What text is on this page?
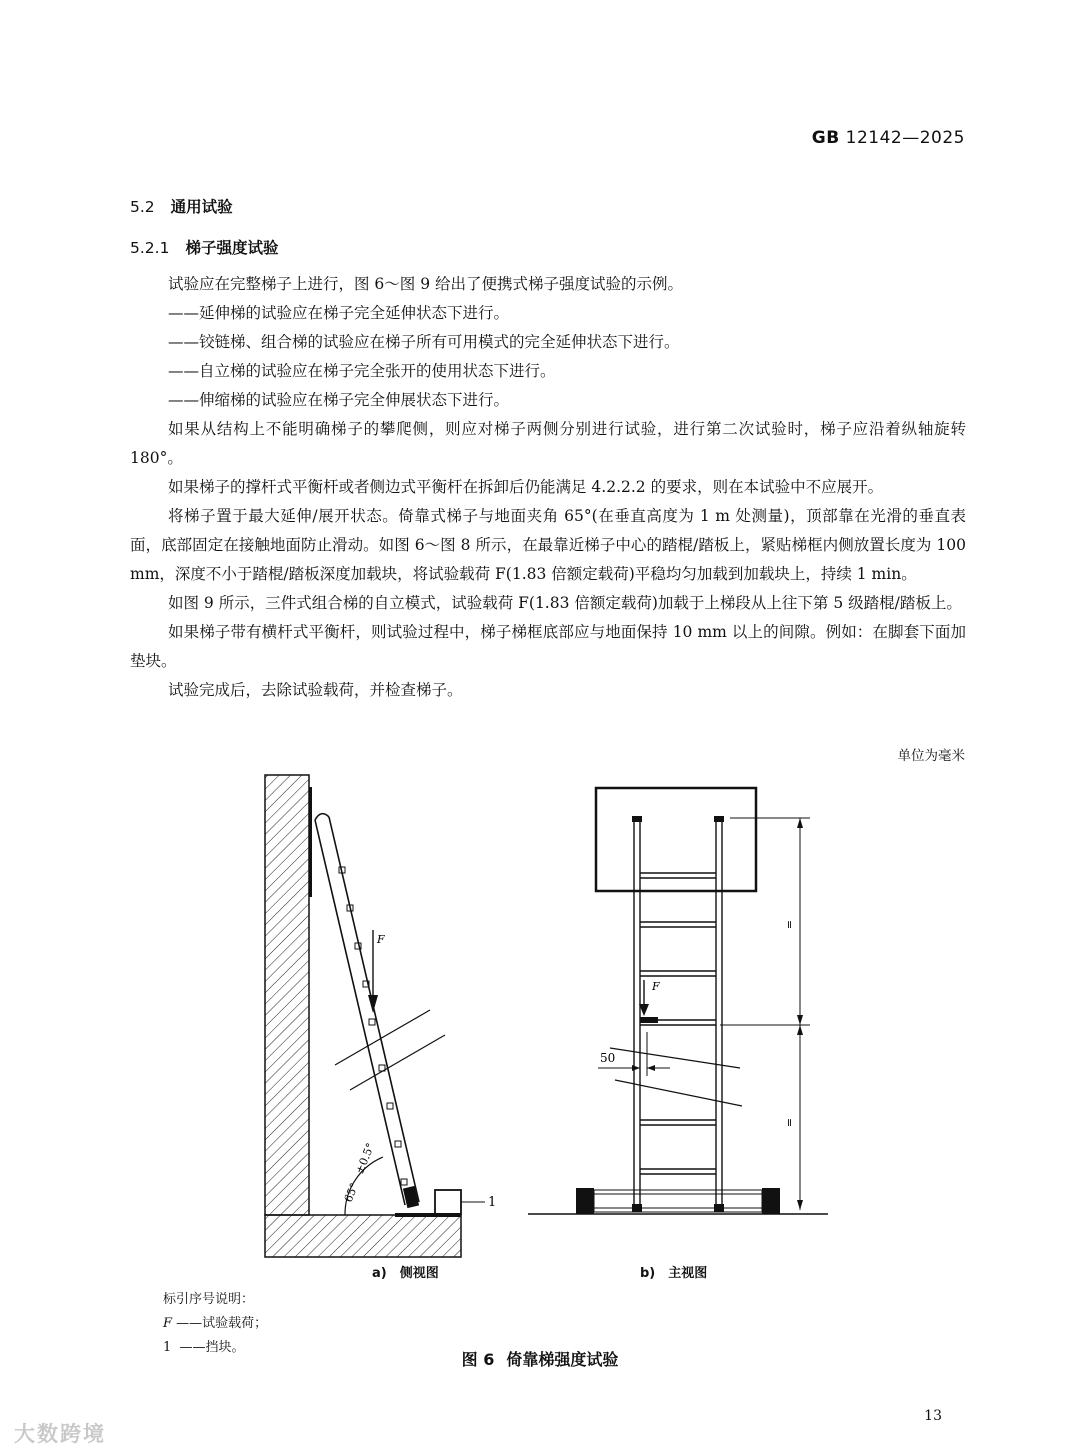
GB 12142—2025
5.2 通用试验
5.2.1 梯子强度试验

试验应在完整梯子上进行，图 6～图 9 给出了便携式梯子强度试验的示例。

——延伸梯的试验应在梯子完全延伸状态下进行。

——铰链梯、组合梯的试验应在梯子所有可用模式的完全延伸状态下进行。

——自立梯的试验应在梯子完全张开的使用状态下进行。

——伸缩梯的试验应在梯子完全伸展状态下进行。

如果从结构上不能明确梯子的攀爬侧，则应对梯子两侧分别进行试验，进行第二次试验时，梯子应沿着纵轴旋转 180°。

如果梯子的撑杆式平衡杆或者侧边式平衡杆在拆卸后仍能满足 4.2.2.2 的要求，则在本试验中不应展开。

将梯子置于最大延伸/展开状态。倚靠式梯子与地面夹角 65°(在垂直高度为 1 m 处测量)，顶部靠在光滑的垂直表面，底部固定在接触地面防止滑动。如图 6～图 8 所示，在最靠近梯子中心的踏棍/踏板上，紧贴梯框内侧放置长度为 100 mm，深度不小于踏棍/踏板深度加载块，将试验载荷 F(1.83 倍额定载荷)平稳均匀加载到加载块上，持续 1 min。

如图 9 所示，三件式组合梯的自立模式，试验载荷 F(1.83 倍额定载荷)加载于上梯段从上往下第 5 级踏棍/踏板上。

如果梯子带有横杆式平衡杆，则试验过程中，梯子梯框底部应与地面保持 10 mm 以上的间隙。例如：在脚套下面加垫块。

试验完成后，去除试验载荷，并检查梯子。

单位为毫米
F
1
65°　±0.5°
F
50
=
=
a)　侧视图	b)　主视图
标引序号说明：
F ——试验载荷；
1 ——挡块。
图 6 倚靠梯强度试验
13
大数跨境
